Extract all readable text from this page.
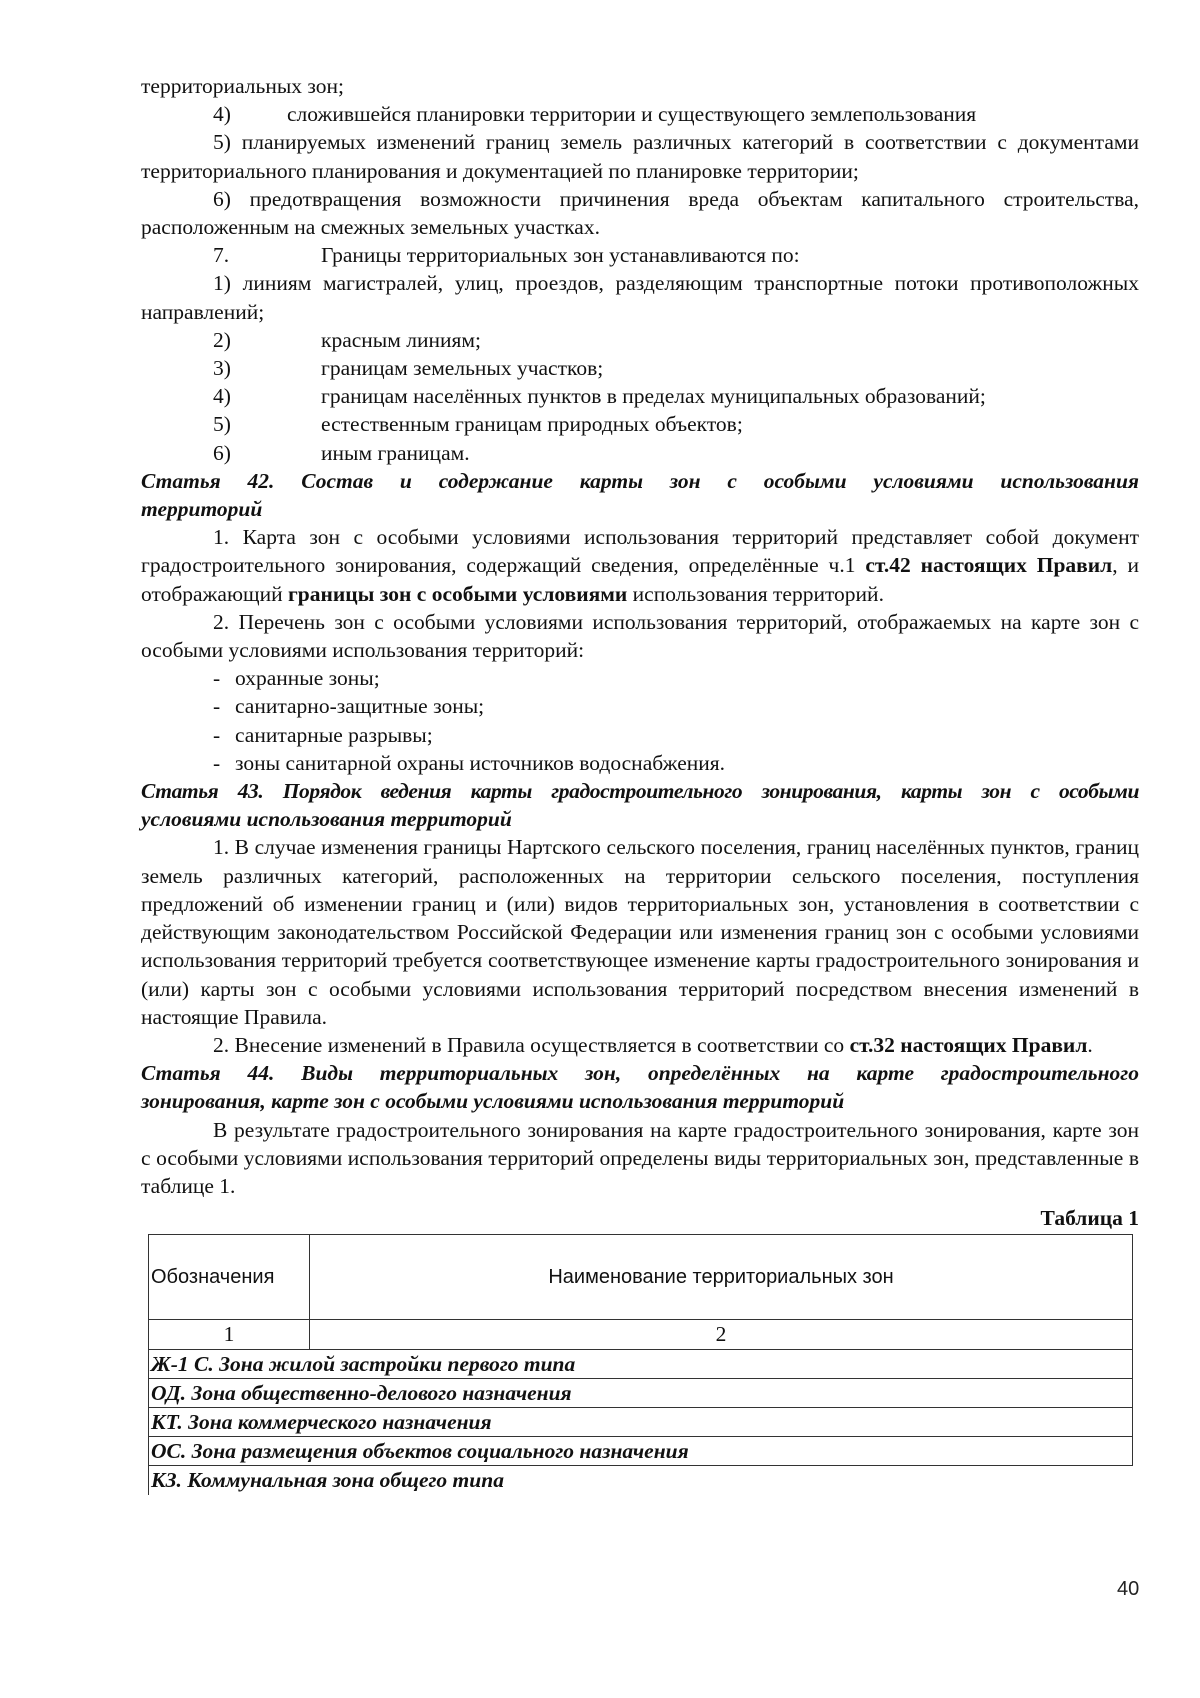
территориальных зон;

4)	сложившейся планировки территории и существующего землепользования

5) планируемых изменений границ земель различных категорий в соответствии с документами территориального планирования и документацией по планировке территории;

6) предотвращения возможности причинения вреда объектам капитального строительства, расположенным на смежных земельных участках.

7.	Границы территориальных зон устанавливаются по:

1) линиям магистралей, улиц, проездов, разделяющим транспортные потоки противоположных направлений;

2)	красным линиям;
3)	границам земельных участков;
4)	границам населённых пунктов в пределах муниципальных образований;
5)	естественным границам природных объектов;
6)	иным границам.

Статья 42. Состав и содержание карты зон с особыми условиями использования

территорий

1. Карта зон с особыми условиями использования территорий представляет собой документ градостроительного зонирования, содержащий сведения, определённые ч.1 ст.42 настоящих Правил, и отображающий границы зон с особыми условиями использования территорий.

2. Перечень зон с особыми условиями использования территорий, отображаемых на карте зон с особыми условиями использования территорий:

- охранные зоны;

- санитарно-защитные зоны;

- санитарные разрывы;

- зоны санитарной охраны источников водоснабжения.

Статья 43. Порядок ведения карты градостроительного зонирования, карты зон с особыми

условиями использования территорий

1. В случае изменения границы Нартского сельского поселения, границ населённых пунктов, границ земель различных категорий, расположенных на территории сельского поселения, поступления предложений об изменении границ и (или) видов территориальных зон, установления в соответствии с действующим законодательством Российской Федерации или изменения границ зон с особыми условиями использования территорий требуется соответствующее изменение карты градостроительного зонирования и (или) карты зон с особыми условиями использования территорий посредством внесения изменений в настоящие Правила.

2. Внесение изменений в Правила осуществляется в соответствии со ст.32 настоящих Правил.

Статья 44. Виды территориальных зон, определённых на карте градостроительного

зонирования, карте зон с особыми условиями использования территорий

В результате градостроительного зонирования на карте градостроительного зонирования, карте зон с особыми условиями использования территорий определены виды территориальных зон, представленные в таблице 1.

Таблица 1

Обозначения	Наименование территориальных зон
1	2
Ж-1 С. Зона жилой застройки первого типа	
ОД. Зона общественно-делового назначения	
КТ. Зона коммерческого назначения	
ОС. Зона размещения объектов социального назначения	
КЗ. Коммунальная зона общего типа	
40
